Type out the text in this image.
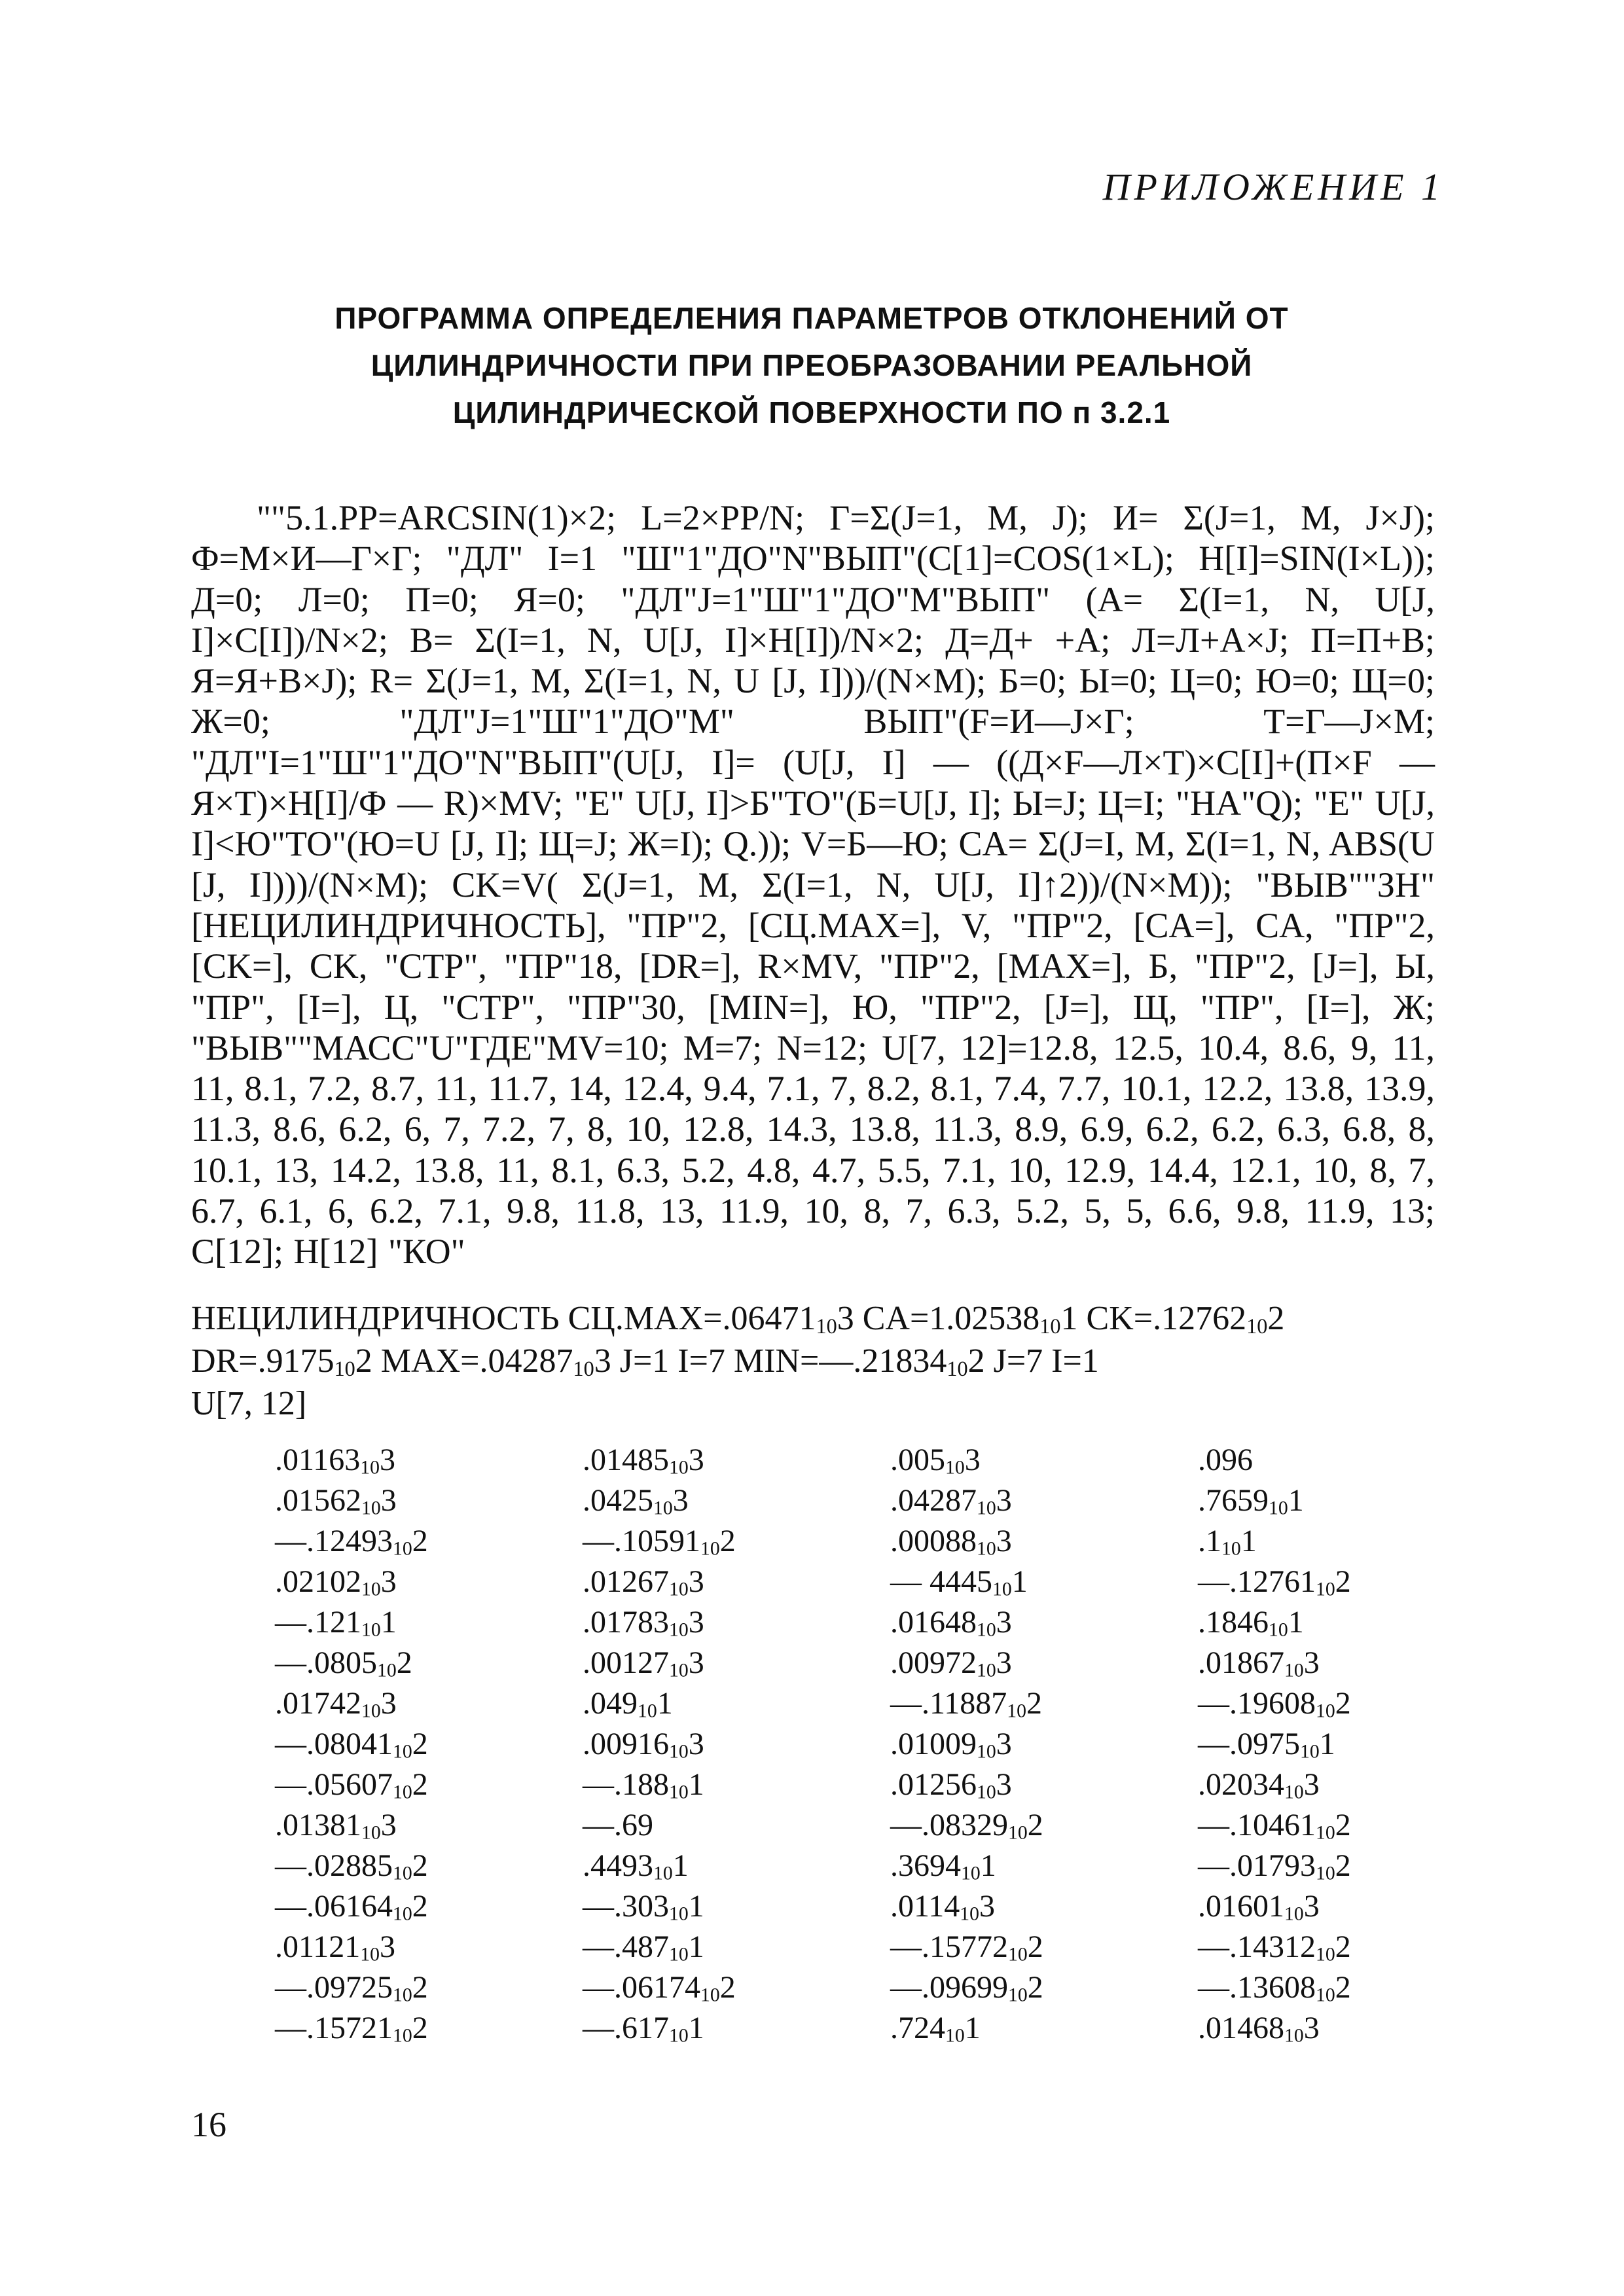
ПРИЛОЖЕНИЕ 1
ПРОГРАММА ОПРЕДЕЛЕНИЯ ПАРАМЕТРОВ ОТКЛОНЕНИЙ ОТ
ЦИЛИНДРИЧНОСТИ ПРИ ПРЕОБРАЗОВАНИИ РЕАЛЬНОЙ
ЦИЛИНДРИЧЕСКОЙ ПОВЕРХНОСТИ ПО п 3.2.1
""5.1.РР=ARCSIN(1)×2; L=2×PP/N; Г=Σ(J=1, M, J); И= Σ(J=1, M, J×J); Ф=M×И—Г×Г; "ДЛ" I=1 "Ш"1"ДО"N"ВЫП"(C[1]=COS(1×L); H[I]=SIN(I×L)); Д=0; Л=0; П=0; Я=0; "ДЛ"J=1"Ш"1"ДО"M"ВЫП" (A= Σ(I=1, N, U[J, I]×C[I])/N×2; B= Σ(I=1, N, U[J, I]×H[I])/N×2; Д=Д+ +A; Л=Л+A×J; П=П+B; Я=Я+B×J); R= Σ(J=1, M, Σ(I=1, N, U [J, I]))/(N×M); Б=0; Ы=0; Ц=0; Ю=0; Щ=0; Ж=0; "ДЛ"J=1"Ш"1"ДО"M" ВЫП"(F=И—J×Г; T=Г—J×M; "ДЛ"I=1"Ш"1"ДО"N"ВЫП"(U[J, I]= (U[J, I] — ((Д×F—Л×T)×C[I]+(П×F — Я×T)×H[I]/Ф — R)×MV; "E" U[J, I]>Б"ТО"(Б=U[J, I]; Ы=J; Ц=I; "НА"Q); "E" U[J, I]<Ю"ТО"(Ю=U [J, I]; Щ=J; Ж=I); Q.)); V=Б—Ю; CA= Σ(J=I, M, Σ(I=1, N, ABS(U [J, I])))/(N×M); CK=V( Σ(J=1, M, Σ(I=1, N, U[J, I]↑2))/(N×M)); "ВЫВ""ЗН" [НЕЦИЛИНДРИЧНОСТЬ], "ПР"2, [СЦ.MAX=], V, "ПР"2, [CA=], CA, "ПР"2, [CK=], CK, "СТР", "ПР"18, [DR=], R×MV, "ПР"2, [MAX=], Б, "ПР"2, [J=], Ы, "ПР", [I=], Ц, "СТР", "ПР"30, [MIN=], Ю, "ПР"2, [J=], Щ, "ПР", [I=], Ж; "ВЫВ""МАСС"U"ГДЕ"MV=10; M=7; N=12; U[7, 12]=12.8, 12.5, 10.4, 8.6, 9, 11, 11, 8.1, 7.2, 8.7, 11, 11.7, 14, 12.4, 9.4, 7.1, 7, 8.2, 8.1, 7.4, 7.7, 10.1, 12.2, 13.8, 13.9, 11.3, 8.6, 6.2, 6, 7, 7.2, 7, 8, 10, 12.8, 14.3, 13.8, 11.3, 8.9, 6.9, 6.2, 6.2, 6.3, 6.8, 8, 10.1, 13, 14.2, 13.8, 11, 8.1, 6.3, 5.2, 4.8, 4.7, 5.5, 7.1, 10, 12.9, 14.4, 12.1, 10, 8, 7, 6.7, 6.1, 6, 6.2, 7.1, 9.8, 11.8, 13, 11.9, 10, 8, 7, 6.3, 5.2, 5, 5, 6.6, 9.8, 11.9, 13; C[12]; H[12] "КО"
НЕЦИЛИНДРИЧНОСТЬ $СЦ.MAX=.06471_{10}3$ $CA=1.02538_{10}1$ $CK=.12762_{10}2$
$DR=.9175_{10}2$ $MAX=.04287_{10}3$ J=1 I=7 $MIN=—.21834_{10}2$ J=7 I=1
U[7, 12]
$.01163_{10}3$	$.01485_{10}3$	$.005_{10}3$	.096
$.01562_{10}3$	$.0425_{10}3$	$.04287_{10}3$	$.7659_{10}1$
$—.12493_{10}2$	$—.10591_{10}2$	$.00088_{10}3$	$.1_{10}1$
$.02102_{10}3$	$.01267_{10}3$	— $4445_{10}1$	$—.12761_{10}2$
$—.121_{10}1$	$.01783_{10}3$	$.01648_{10}3$	$.1846_{10}1$
$—.0805_{10}2$	$.00127_{10}3$	$.00972_{10}3$	$.01867_{10}3$
$.01742_{10}3$	$.049_{10}1$	$—.11887_{10}2$	$—.19608_{10}2$
$—.08041_{10}2$	$.00916_{10}3$	$.01009_{10}3$	$—.0975_{10}1$
$—.05607_{10}2$	$—.188_{10}1$	$.01256_{10}3$	$.02034_{10}3$
$.01381_{10}3$	—.69	$—.08329_{10}2$	$—.10461_{10}2$
$—.02885_{10}2$	$.4493_{10}1$	$.3694_{10}1$	$—.01793_{10}2$
$—.06164_{10}2$	$—.303_{10}1$	$.0114_{10}3$	$.01601_{10}3$
$.01121_{10}3$	$—.487_{10}1$	$—.15772_{10}2$	$—.14312_{10}2$
$—.09725_{10}2$	$—.06174_{10}2$	$—.09699_{10}2$	$—.13608_{10}2$
$—.15721_{10}2$	$—.617_{10}1$	$.724_{10}1$	$.01468_{10}3$
16
